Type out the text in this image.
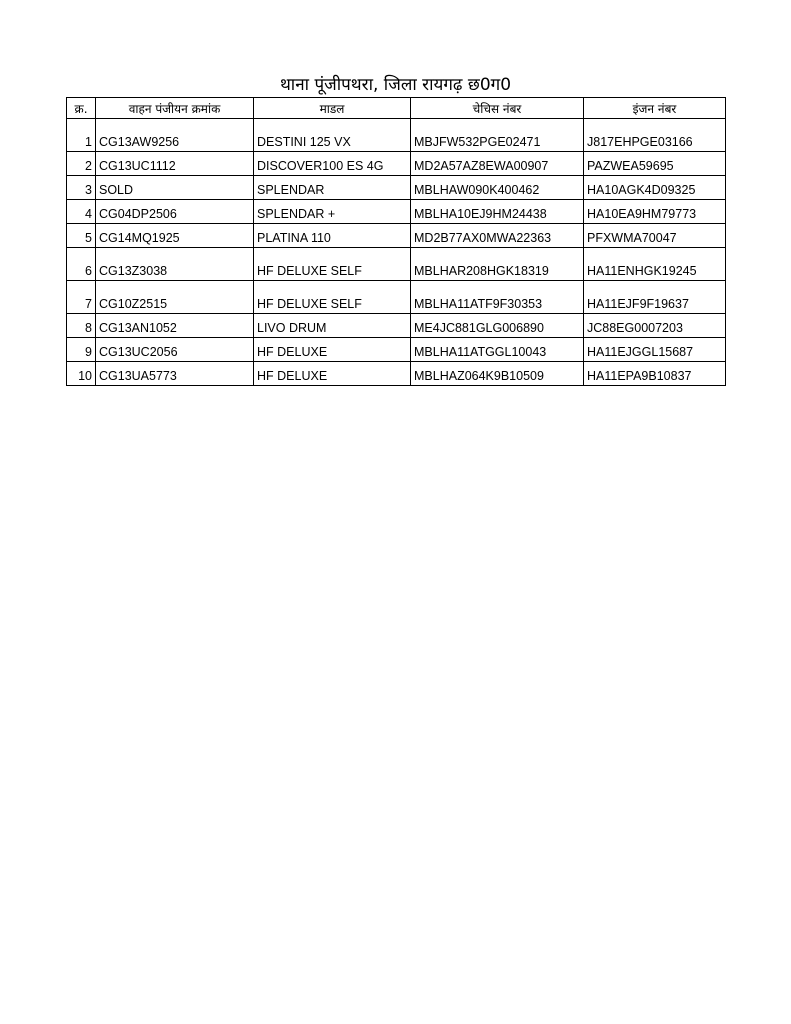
थाना पूंजीपथरा, जिला रायगढ़ छ0ग0
क्र.	वाहन पंजीयन क्रमांक	माडल	चेचिस नंबर	इंजन नंबर
1	CG13AW9256	DESTINI 125 VX	MBJFW532PGE02471	J817EHPGE03166
2	CG13UC1112	DISCOVER100 ES 4G	MD2A57AZ8EWA00907	PAZWEA59695
3	SOLD	SPLENDAR	MBLHAW090K400462	HA10AGK4D09325
4	CG04DP2506	SPLENDAR +	MBLHA10EJ9HM24438	HA10EA9HM79773
5	CG14MQ1925	PLATINA 110	MD2B77AX0MWA22363	PFXWMA70047
6	CG13Z3038	HF DELUXE SELF	MBLHAR208HGK18319	HA11ENHGK19245
7	CG10Z2515	HF DELUXE SELF	MBLHA11ATF9F30353	HA11EJF9F19637
8	CG13AN1052	LIVO DRUM	ME4JC881GLG006890	JC88EG0007203
9	CG13UC2056	HF DELUXE	MBLHA11ATGGL10043	HA11EJGGL15687
10	CG13UA5773	HF DELUXE	MBLHAZ064K9B10509	HA11EPA9B10837
